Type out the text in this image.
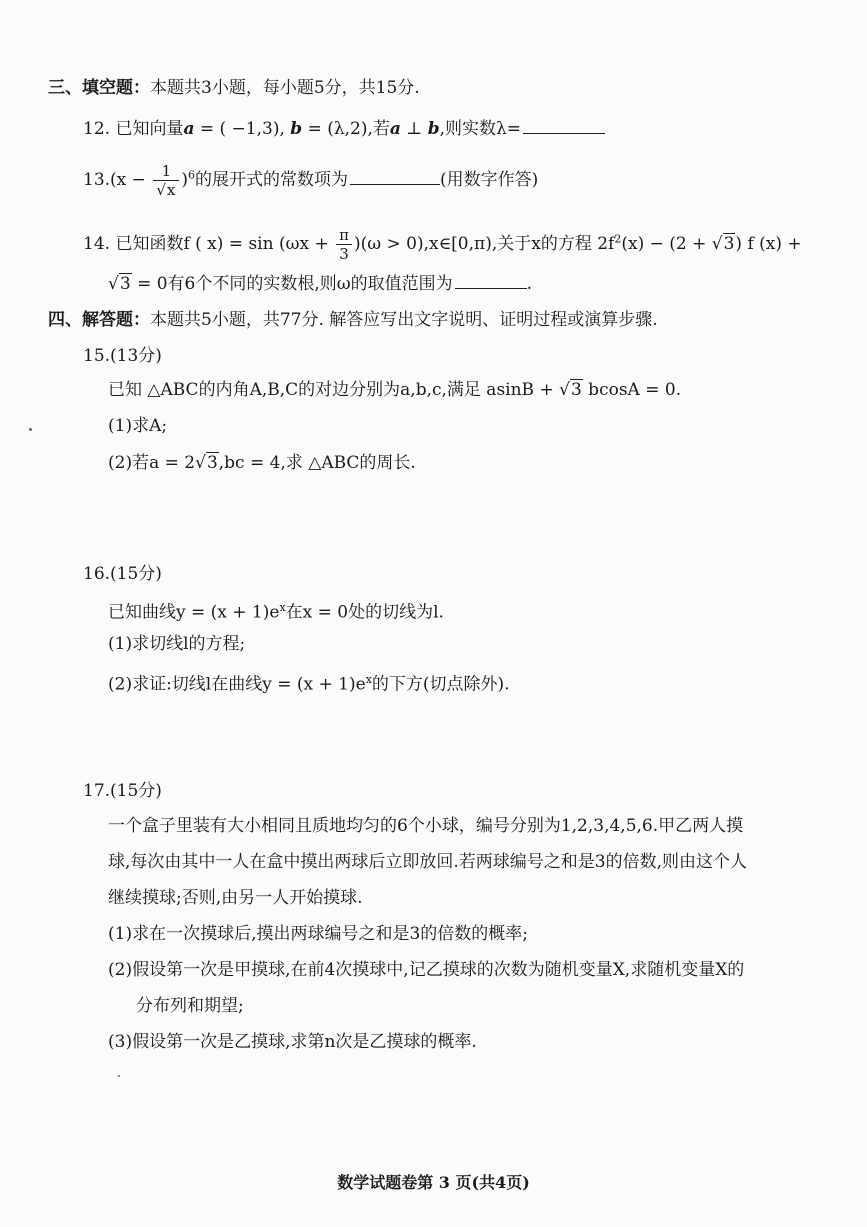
三、填空题：本题共3小题，每小题5分，共15分.
12. 已知向量a = ( −1,3), b = (λ,2),若a ⊥ b,则实数λ=
$13.(x - \frac{1}{√x} )^6$的展开式的常数项为	(用数字作答)
14. 已知函数f ( $x) = \sin (\omega x + \frac{\pi}{3} )(\omega$ > 0),x∈[0,π),关于x的方程 $2f^2(x) - (2 + √3)$ f (x) +
√3 = 0有6个不同的实数根,则ω的取值范围为	.
四、解答题：本题共5小题，共77分. 解答应写出文字说明、证明过程或演算步骤.
15.(13分)
已知 △ABC的内角A,B,C的对边分别为a,b,c,满足 asinB + √3 bcosA = 0.
(1)求A;
(2)若a = 2√3,bc = 4,求 △ABC的周长.
16.(15分)
已知曲线$y = (x + 1)e^x$在x = 0处的切线为l.
(1)求切线l的方程;
(2)求证:切线l在曲线$y = (x + 1)e^x$的下方(切点除外).
17.(15分)
一个盒子里装有大小相同且质地均匀的6个小球，编号分别为1,2,3,4,5,6.甲乙两人摸
球,每次由其中一人在盒中摸出两球后立即放回.若两球编号之和是3的倍数,则由这个人
继续摸球;否则,由另一人开始摸球.
(1)求在一次摸球后,摸出两球编号之和是3的倍数的概率;
(2)假设第一次是甲摸球,在前4次摸球中,记乙摸球的次数为随机变量X,求随机变量X的
分布列和期望;
(3)假设第一次是乙摸球,求第n次是乙摸球的概率.
数学试题卷第 3 页(共4页)
